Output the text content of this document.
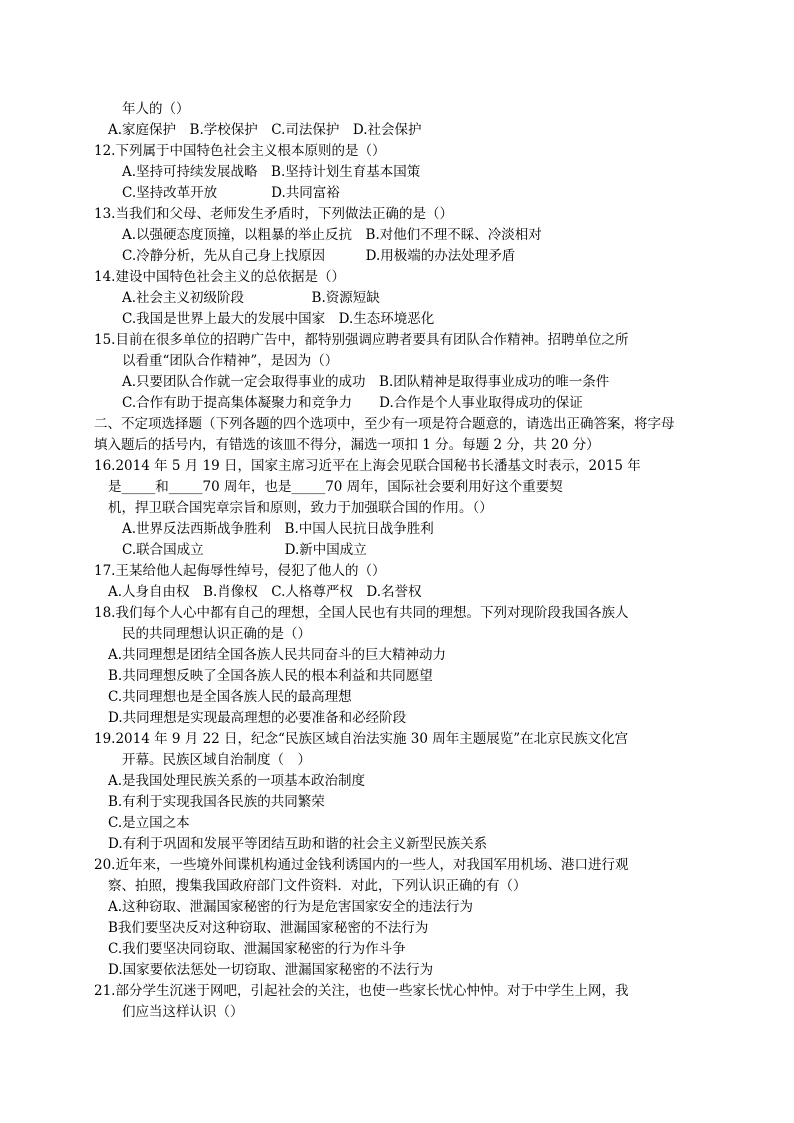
年人的（）
A.家庭保护　B.学校保护　C.司法保护　D.社会保护
12.下列属于中国特色社会主义根本原则的是（）
A.坚持可持续发展战略　B.坚持计划生育基本国策
C.坚持改革开放　　　　D.共同富裕
13.当我们和父母、老师发生矛盾时，下列做法正确的是（）
A.以强硬态度顶撞，以粗暴的举止反抗　B.对他们不理不睬、冷淡相对
C.冷静分析，先从自己身上找原因　　　D.用极端的办法处理矛盾
14.建设中国特色社会主义的总依据是（）
A.社会主义初级阶段　　　　　B.资源短缺
C.我国是世界上最大的发展中国家　D.生态环境恶化
15.目前在很多单位的招聘广告中，都特别强调应聘者要具有团队合作精神。招聘单位之所
以看重“团队合作精神”，是因为（）
A.只要团队合作就一定会取得事业的成功　B.团队精神是取得事业成功的唯一条件
C.合作有助于提高集体凝聚力和竞争力　　D.合作是个人事业取得成功的保证
二、不定项选择题（下列各题的四个选项中，至少有一项是符合题意的，请选出正确答案，将字母
填入题后的括号内，有错选的该皿不得分，漏选一项扣 1 分。每题 2 分，共 20 分）
16.2014 年 5 月 19 日，国家主席习近平在上海会见联合国秘书长潘基文时表示，2015 年
是_____和_____70 周年，也是_____70 周年，国际社会要利用好这个重要契
机，捍卫联合国宪章宗旨和原则，致力于加强联合国的作用。（）
A.世界反法西斯战争胜利　B.中国人民抗日战争胜利
C.联合国成立　　　　　　D.新中国成立
17.王某给他人起侮辱性绰号，侵犯了他人的（）
A.人身自由权　B.肖像权　C.人格尊严权　D.名誉权
18.我们每个人心中都有自己的理想，全国人民也有共同的理想。下列对现阶段我国各族人
民的共同理想认识正确的是（）
A.共同理想是团结全国各族人民共同奋斗的巨大精神动力
B.共同理想反映了全国各族人民的根本利益和共同愿望
C.共同理想也是全国各族人民的最高理想
D.共同理想是实现最高理想的必要准备和必经阶段
19.2014 年 9 月 22 日，纪念“民族区域自治法实施 30 周年主题展览”在北京民族文化宫
开幕。民族区域自治制度（　）
A.是我国处理民族关系的一项基本政治制度
B.有利于实现我国各民族的共同繁荣
C.是立国之本
D.有利于巩固和发展平等团结互助和谐的社会主义新型民族关系
20.近年来，一些境外间谍机构通过金钱利诱国内的一些人，对我国军用机场、港口进行观
察、拍照，搜集我国政府部门文件资料．对此，下列认识正确的有（）
A.这种窃取、泄漏国家秘密的行为是危害国家安全的违法行为
B我们要坚决反对这种窃取、泄漏国家秘密的不法行为
C.我们要坚决同窃取、泄漏国家秘密的行为作斗争
D.国家要依法惩处一切窃取、泄漏国家秘密的不法行为
21.部分学生沉迷于网吧，引起社会的关注，也使一些家长忧心忡忡。对于中学生上网，我
们应当这样认识（）
